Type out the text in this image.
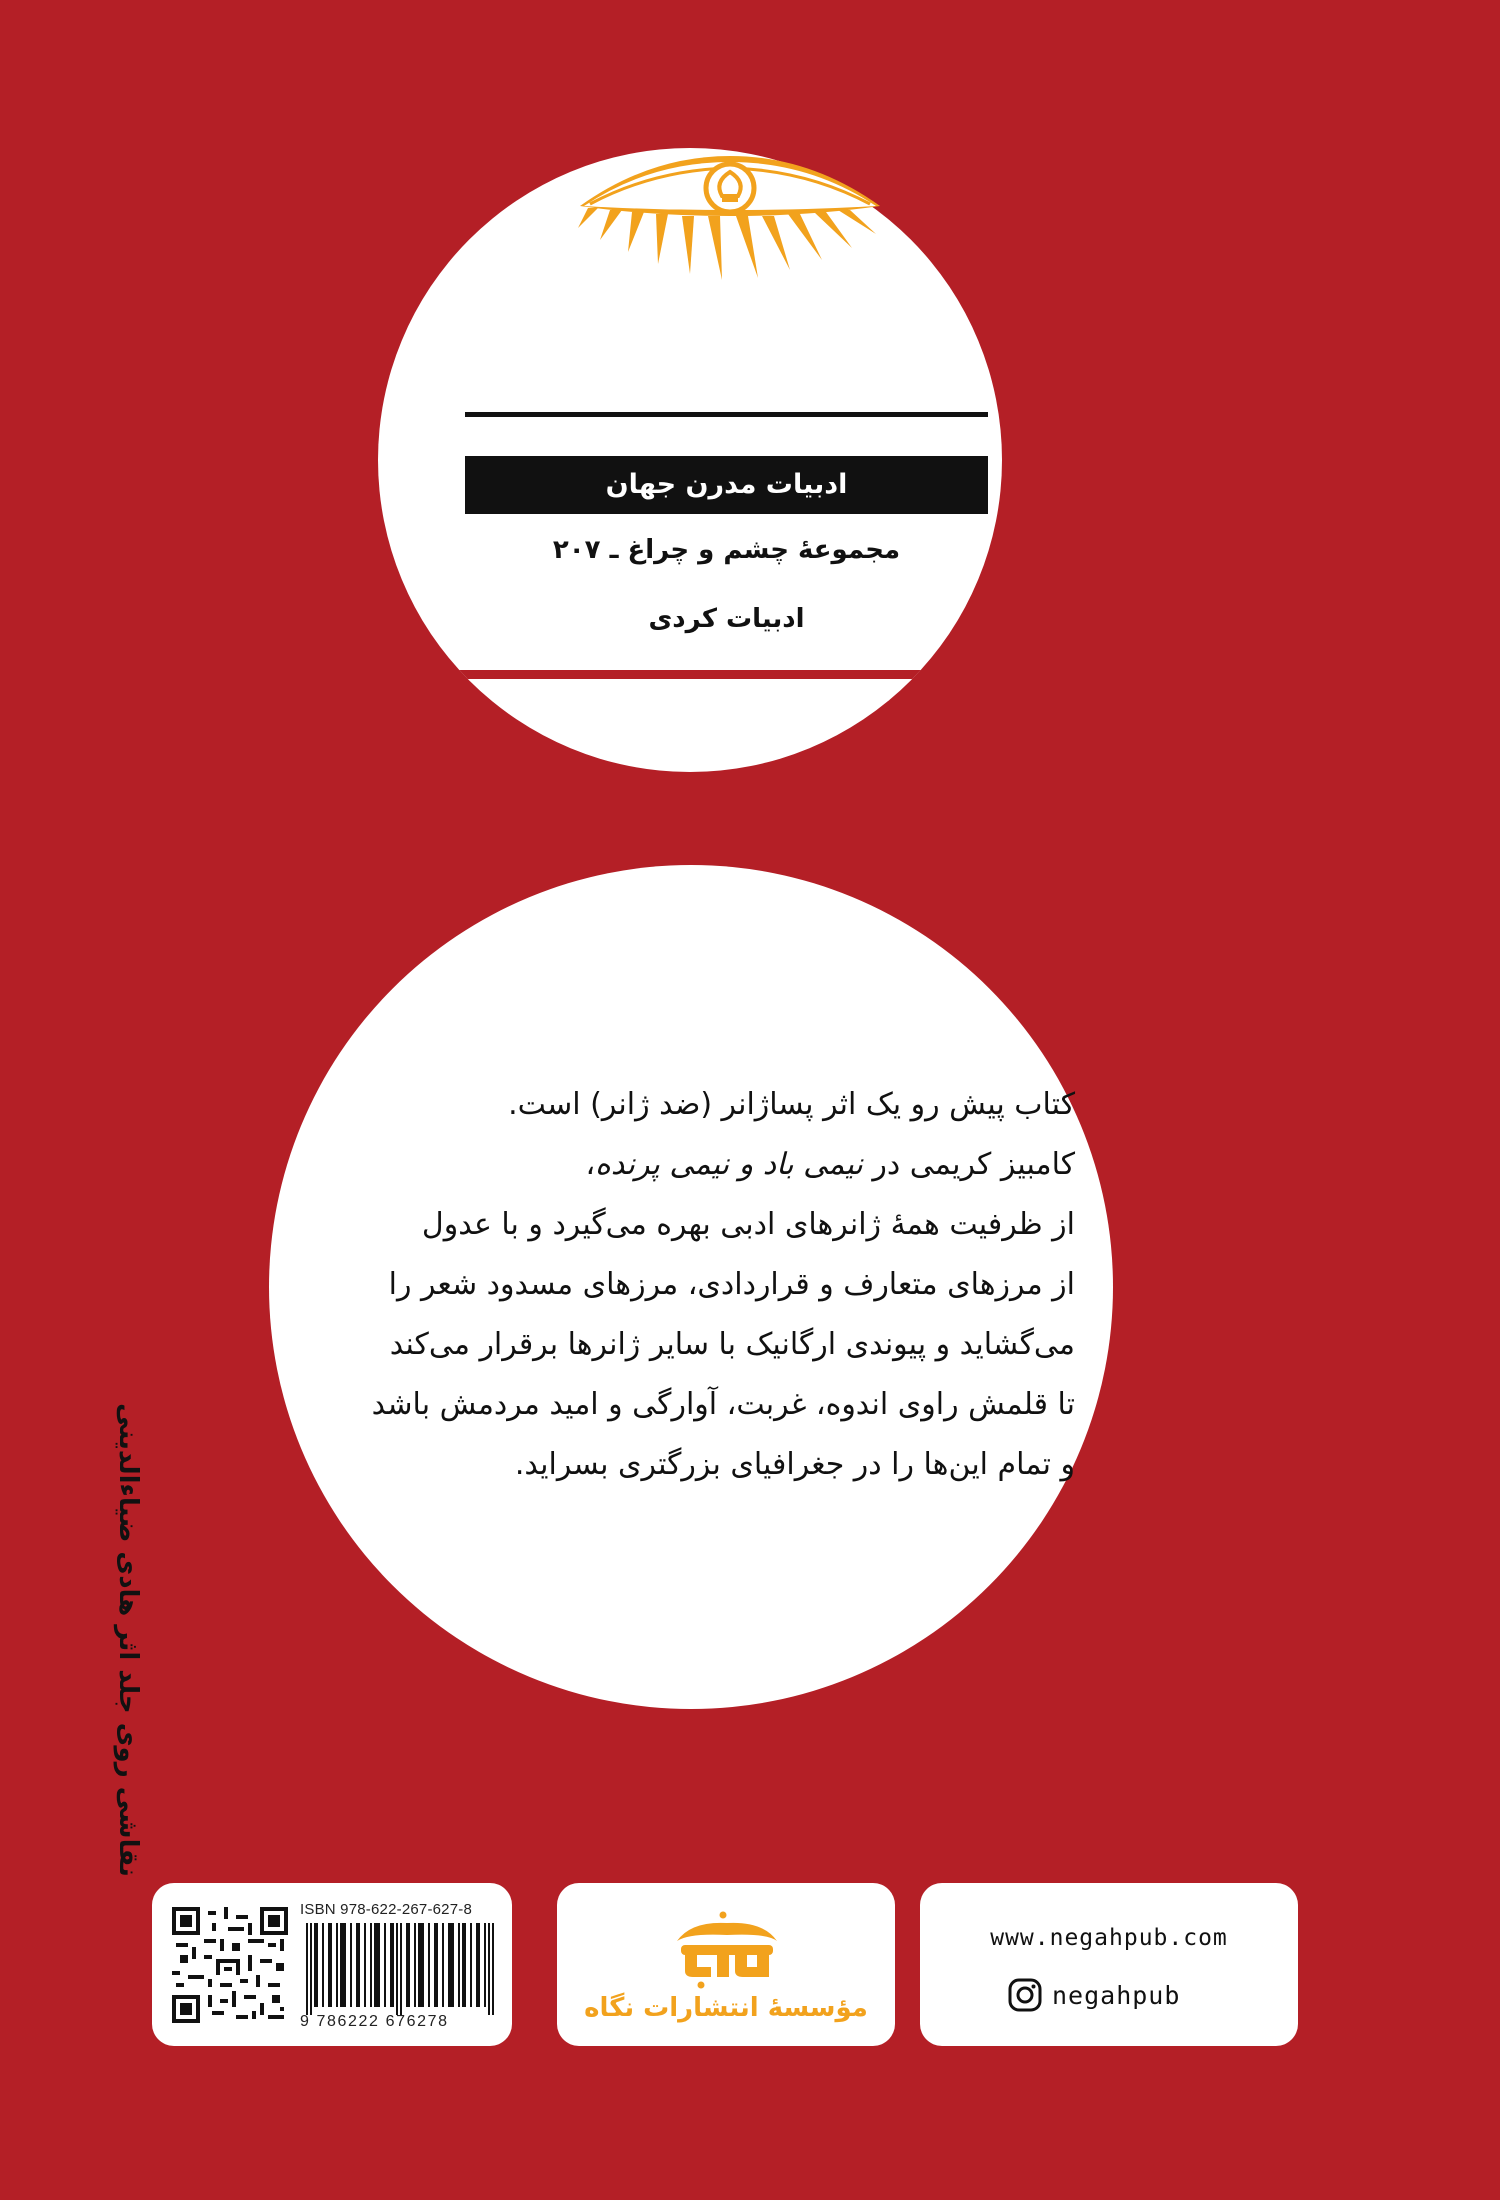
ادبیات مدرن جهان
مجموعهٔ چشم و چراغ ـ ۲۰۷
ادبیات کردی
کتاب پیش رو یک اثر پساژانر (ضد ژانر) است.
کامبیز کریمی در نیمی باد و نیمی پرنده،
از ظرفیت همهٔ ژانرهای ادبی بهره می‌گیرد و با عدول
از مرزهای متعارف و قراردادی، مرزهای مسدود شعر را
می‌گشاید و پیوندی ارگانیک با سایر ژانرها برقرار می‌کند
تا قلمش راوی اندوه، غربت، آوارگی و امید مردمش باشد
و تمام این‌ها را در جغرافیای بزرگتری بسراید.
نقاشی روی جلد اثر هادی ضیاءالدینی
ISBN 978-622-267-627-8
9 786222 676278	مؤسسهٔ انتشارات نگاه
www.negahpub.com
negahpub
